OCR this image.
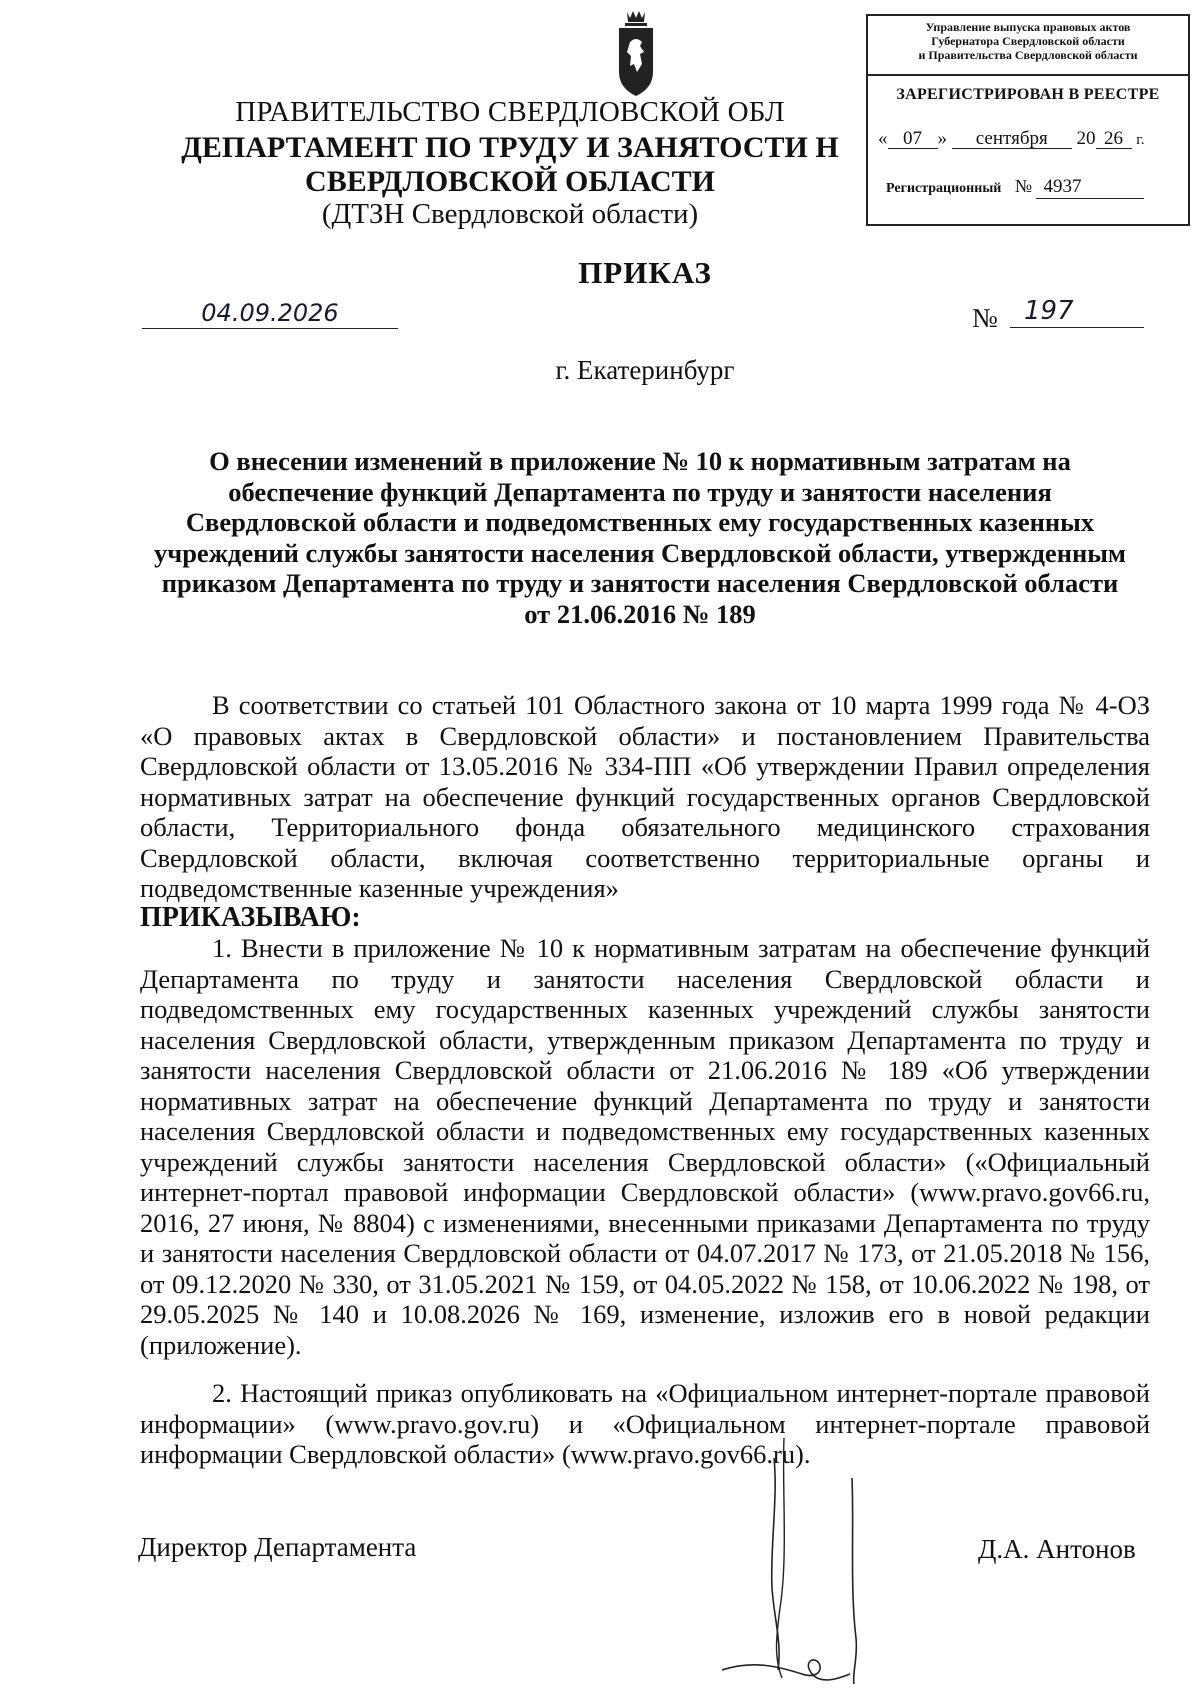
ПРАВИТЕЛЬСТВО СВЕРДЛОВСКОЙ ОБЛ
ДЕПАРТАМЕНТ ПО ТРУДУ И ЗАНЯТОСТИ Н
СВЕРДЛОВСКОЙ ОБЛАСТИ
(ДТЗН Свердловской области)
Управление выпуска правовых актов
Губернатора Свердловской области
и Правительства Свердловской области
ЗАРЕГИСТРИРОВАН В РЕЕСТРЕ
« 07 » сентября 20 26 г.
Регистрационный № 4937
ПРИКАЗ
04.09.2026	№	197
г. Екатеринбург
О внесении изменений в приложение № 10 к нормативным затратам на обеспечение функций Департамента по труду и занятости населения Свердловской области и подведомственных ему государственных казенных учреждений службы занятости населения Свердловской области, утвержденным приказом Департамента по труду и занятости населения Свердловской области от 21.06.2016 № 189
В соответствии со статьей 101 Областного закона от 10 марта 1999 года № 4-ОЗ «О правовых актах в Свердловской области» и постановлением Правительства Свердловской области от 13.05.2016 № 334-ПП «Об утверждении Правил определения нормативных затрат на обеспечение функций государственных органов Свердловской области, Территориального фонда обязательного медицинского страхования Свердловской области, включая соответственно территориальные органы и подведомственные казенные учреждения»
ПРИКАЗЫВАЮ:
1. Внести в приложение № 10 к нормативным затратам на обеспечение функций Департамента по труду и занятости населения Свердловской области и подведомственных ему государственных казенных учреждений службы занятости населения Свердловской области, утвержденным приказом Департамента по труду и занятости населения Свердловской области от 21.06.2016 № 189 «Об утверждении нормативных затрат на обеспечение функций Департамента по труду и занятости населения Свердловской области и подведомственных ему государственных казенных учреждений службы занятости населения Свердловской области» («Официальный интернет-портал правовой информации Свердловской области» (www.pravo.gov66.ru, 2016, 27 июня, № 8804) с изменениями, внесенными приказами Департамента по труду и занятости населения Свердловской области от 04.07.2017 № 173, от 21.05.2018 № 156, от 09.12.2020 № 330, от 31.05.2021 № 159, от 04.05.2022 № 158, от 10.06.2022 № 198, от 29.05.2025 № 140 и 10.08.2026 № 169, изменение, изложив его в новой редакции (приложение).
2. Настоящий приказ опубликовать на «Официальном интернет-портале правовой информации» (www.pravo.gov.ru) и «Официальном интернет-портале правовой информации Свердловской области» (www.pravo.gov66.ru).
Директор Департамента	Д.А. Антонов
